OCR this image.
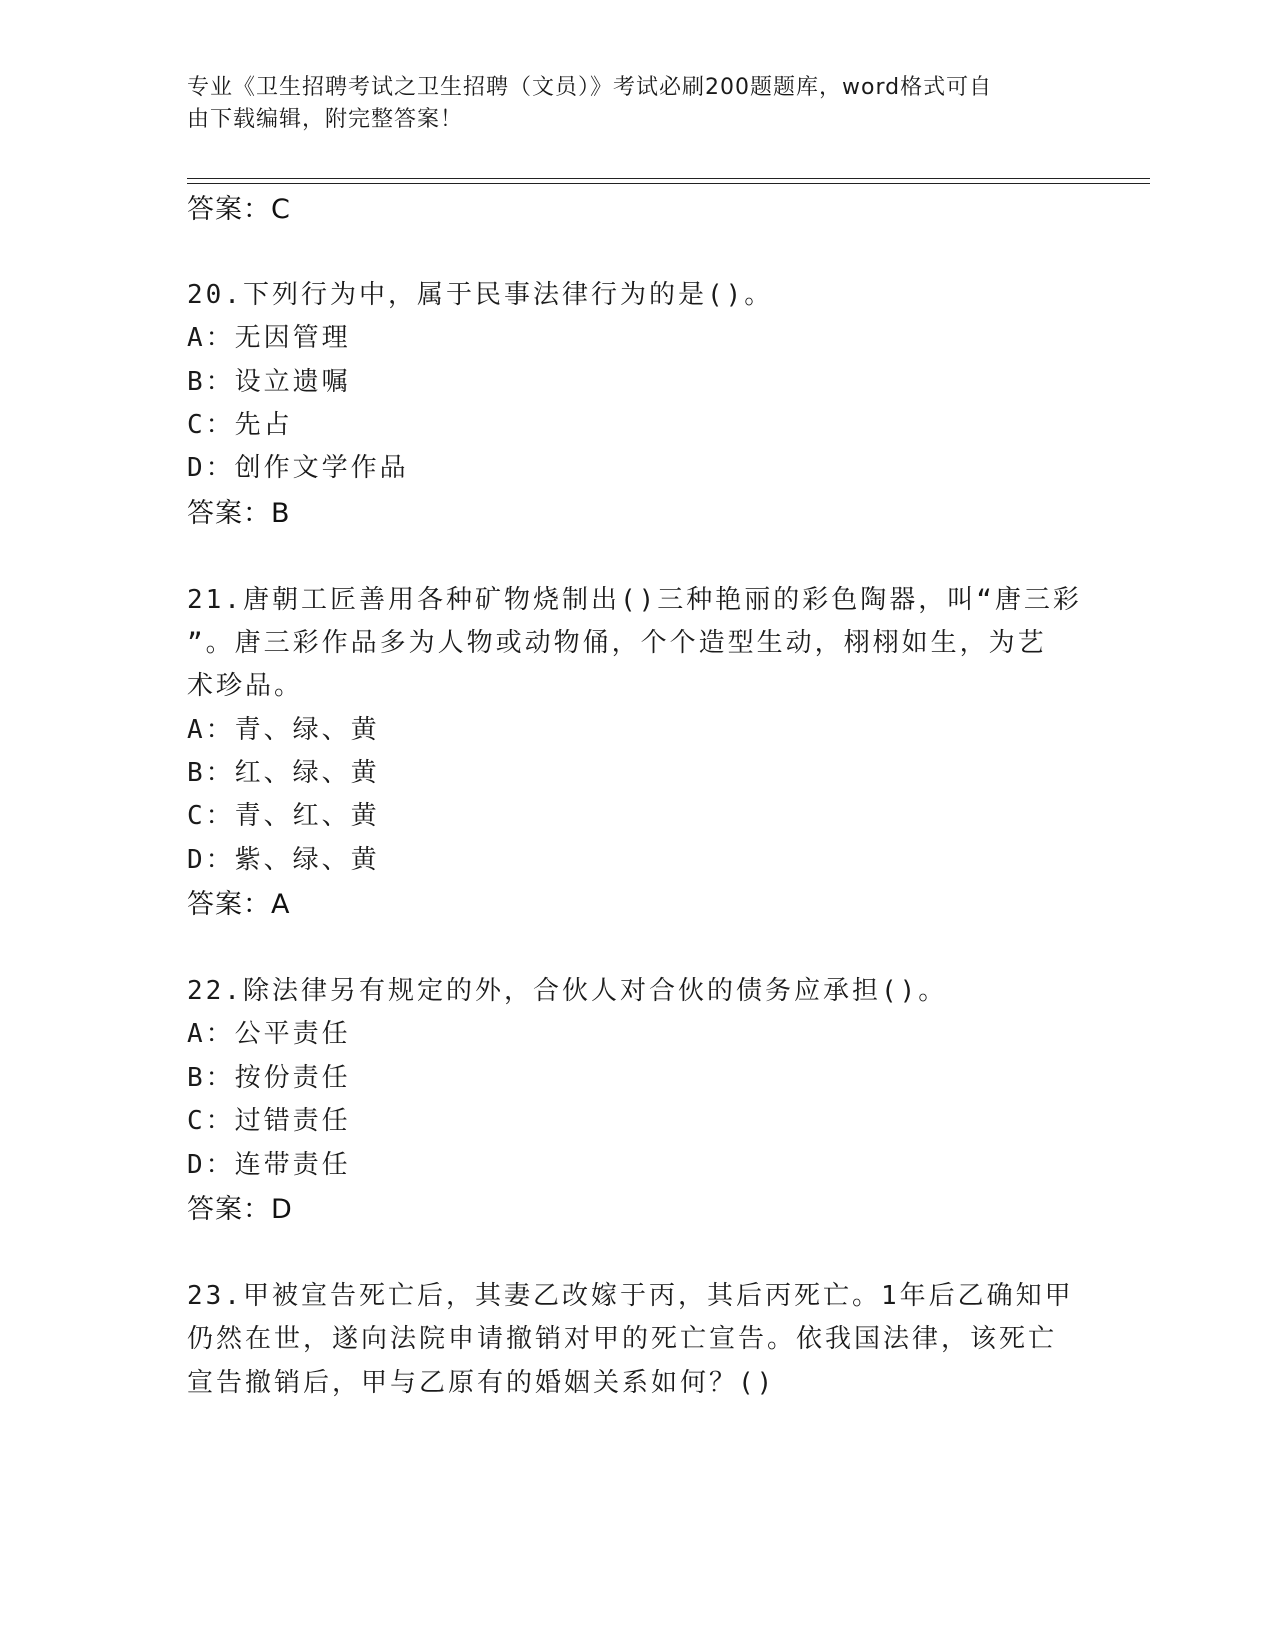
专业《卫生招聘考试之卫生招聘（文员）》考试必刷200题题库，word格式可自
由下载编辑，附完整答案！
答案：C
20.下列行为中，属于民事法律行为的是()。
A：无因管理
B：设立遗嘱
C：先占
D：创作文学作品
答案：B
21.唐朝工匠善用各种矿物烧制出()三种艳丽的彩色陶器，叫“唐三彩
”。唐三彩作品多为人物或动物俑，个个造型生动，栩栩如生，为艺
术珍品。
A：青、绿、黄
B：红、绿、黄
C：青、红、黄
D：紫、绿、黄
答案：A
22.除法律另有规定的外，合伙人对合伙的债务应承担()。
A：公平责任
B：按份责任
C：过错责任
D：连带责任
答案：D
23.甲被宣告死亡后，其妻乙改嫁于丙，其后丙死亡。1年后乙确知甲
仍然在世，遂向法院申请撤销对甲的死亡宣告。依我国法律，该死亡
宣告撤销后，甲与乙原有的婚姻关系如何？()
